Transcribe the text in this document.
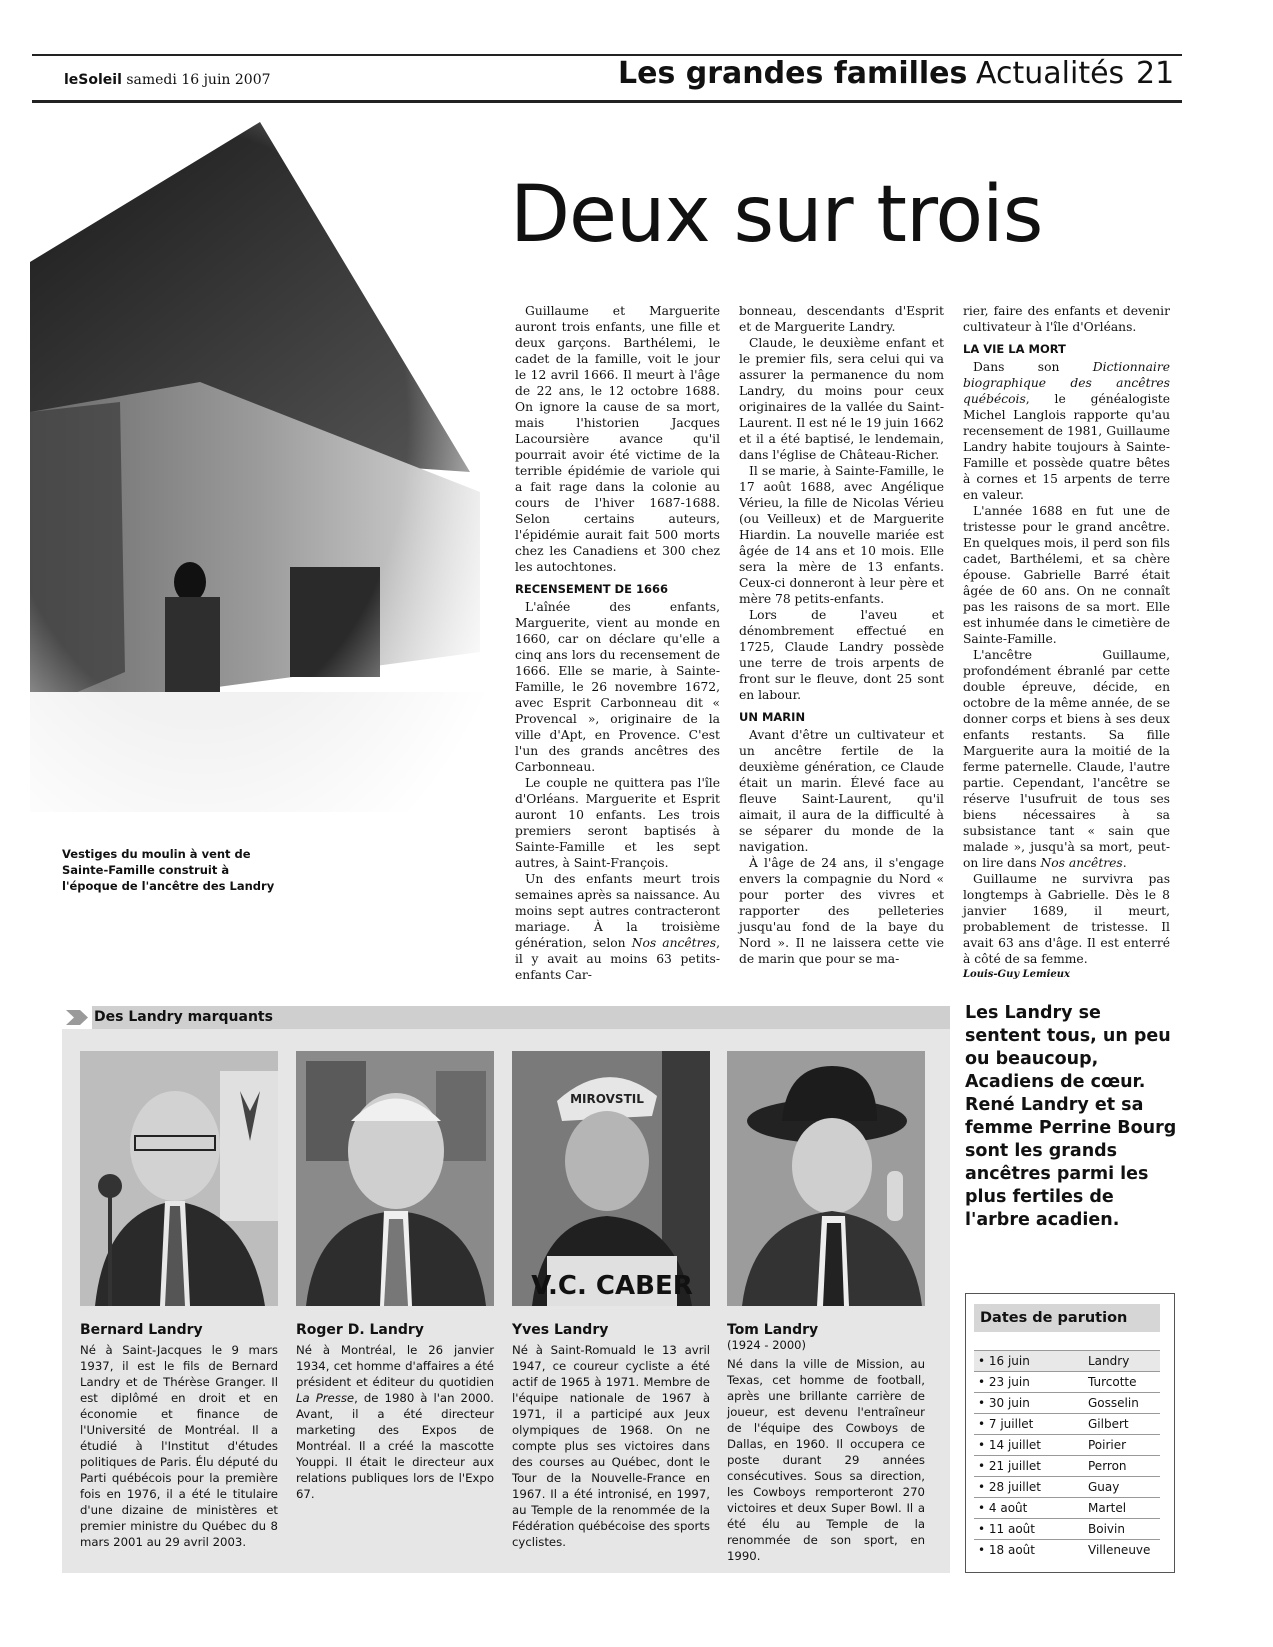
leSoleil samedi 16 juin 2007	Les grandes familles Actualités 21
Vestiges du moulin à vent de Sainte-Famille construit à l'époque de l'ancêtre des Landry
Deux sur trois

Guillaume et Marguerite auront trois enfants, une fille et deux garçons. Barthélemi, le cadet de la famille, voit le jour le 12 avril 1666. Il meurt à l'âge de 22 ans, le 12 octobre 1688. On ignore la cause de sa mort, mais l'historien Jacques Lacoursière avance qu'il pourrait avoir été victime de la terrible épidémie de variole qui a fait rage dans la colonie au cours de l'hiver 1687-1688. Selon certains auteurs, l'épidémie aurait fait 500 morts chez les Canadiens et 300 chez les autochtones.

RECENSEMENT DE 1666

L'aînée des enfants, Marguerite, vient au monde en 1660, car on déclare qu'elle a cinq ans lors du recensement de 1666. Elle se marie, à Sainte-Famille, le 26 novembre 1672, avec Esprit Carbonneau dit « Provencal », originaire de la ville d'Apt, en Provence. C'est l'un des grands ancêtres des Carbonneau.

Le couple ne quittera pas l'île d'Orléans. Marguerite et Esprit auront 10 enfants. Les trois premiers seront baptisés à Sainte-Famille et les sept autres, à Saint-François.

Un des enfants meurt trois semaines après sa naissance. Au moins sept autres contracteront mariage. À la troisième génération, selon Nos ancêtres, il y avait au moins 63 petits-enfants Car-

bonneau, descendants d'Esprit et de Marguerite Landry.

Claude, le deuxième enfant et le premier fils, sera celui qui va assurer la permanence du nom Landry, du moins pour ceux originaires de la vallée du Saint-Laurent. Il est né le 19 juin 1662 et il a été baptisé, le lendemain, dans l'église de Château-Richer.

Il se marie, à Sainte-Famille, le 17 août 1688, avec Angélique Vérieu, la fille de Nicolas Vérieu (ou Veilleux) et de Marguerite Hiardin. La nouvelle mariée est âgée de 14 ans et 10 mois. Elle sera la mère de 13 enfants. Ceux-ci donneront à leur père et mère 78 petits-enfants.

Lors de l'aveu et dénombrement effectué en 1725, Claude Landry possède une terre de trois arpents de front sur le fleuve, dont 25 sont en labour.

UN MARIN

Avant d'être un cultivateur et un ancêtre fertile de la deuxième génération, ce Claude était un marin. Élevé face au fleuve Saint-Laurent, qu'il aimait, il aura de la difficulté à se séparer du monde de la navigation.

À l'âge de 24 ans, il s'engage envers la compagnie du Nord « pour porter des vivres et rapporter des pelleteries jusqu'au fond de la baye du Nord ». Il ne laissera cette vie de marin que pour se ma-

rier, faire des enfants et devenir cultivateur à l'île d'Orléans.

LA VIE LA MORT

Dans son Dictionnaire biographique des ancêtres québécois, le généalogiste Michel Langlois rapporte qu'au recensement de 1981, Guillaume Landry habite toujours à Sainte-Famille et possède quatre bêtes à cornes et 15 arpents de terre en valeur.

L'année 1688 en fut une de tristesse pour le grand ancêtre. En quelques mois, il perd son fils cadet, Barthélemi, et sa chère épouse. Gabrielle Barré était âgée de 60 ans. On ne connaît pas les raisons de sa mort. Elle est inhumée dans le cimetière de Sainte-Famille.

L'ancêtre Guillaume, profondément ébranlé par cette double épreuve, décide, en octobre de la même année, de se donner corps et biens à ses deux enfants restants. Sa fille Marguerite aura la moitié de la ferme paternelle. Claude, l'autre partie. Cependant, l'ancêtre se réserve l'usufruit de tous ses biens nécessaires à sa subsistance tant « sain que malade », jusqu'à sa mort, peut-on lire dans Nos ancêtres.

Guillaume ne survivra pas longtemps à Gabrielle. Dès le 8 janvier 1689, il meurt, probablement de tristesse. Il avait 63 ans d'âge. Il est enterré à côté de sa femme.

Louis-Guy Lemieux
Des Landry marquants
Bernard Landry
Né à Saint-Jacques le 9 mars 1937, il est le fils de Bernard Landry et de Thérèse Granger. Il est diplômé en droit et en économie et finance de l'Université de Montréal. Il a étudié à l'Institut d'études politiques de Paris. Élu député du Parti québécois pour la première fois en 1976, il a été le titulaire d'une dizaine de ministères et premier ministre du Québec du 8 mars 2001 au 29 avril 2003.
Roger D. Landry
Né à Montréal, le 26 janvier 1934, cet homme d'affaires a été président et éditeur du quotidien La Presse, de 1980 à l'an 2000. Avant, il a été directeur marketing des Expos de Montréal. Il a créé la mascotte Youppi. Il était le directeur aux relations publiques lors de l'Expo 67.
MIROVSTIL
V.C. CABER
Yves Landry
Né à Saint-Romuald le 13 avril 1947, ce coureur cycliste a été actif de 1965 à 1971. Membre de l'équipe nationale de 1967 à 1971, il a participé aux Jeux olympiques de 1968. On ne compte plus ses victoires dans des courses au Québec, dont le Tour de la Nouvelle-France en 1967. Il a été intronisé, en 1997, au Temple de la renommée de la Fédération québécoise des sports cyclistes.
Tom Landry
(1924 - 2000)
Né dans la ville de Mission, au Texas, cet homme de football, après une brillante carrière de joueur, est devenu l'entraîneur de l'équipe des Cowboys de Dallas, en 1960. Il occupera ce poste durant 29 années consécutives. Sous sa direction, les Cowboys remporteront 270 victoires et deux Super Bowl. Il a été élu au Temple de la renommée de son sport, en 1990.
Les Landry se sentent tous, un peu ou beaucoup, Acadiens de cœur. René Landry et sa femme Perrine Bourg sont les grands ancêtres parmi les plus fertiles de l'arbre acadien.
Dates de parution
• 16 juin	Landry
• 23 juin	Turcotte
• 30 juin	Gosselin
• 7 juillet	Gilbert
• 14 juillet	Poirier
• 21 juillet	Perron
• 28 juillet	Guay
• 4 août	Martel
• 11 août	Boivin
• 18 août	Villeneuve
